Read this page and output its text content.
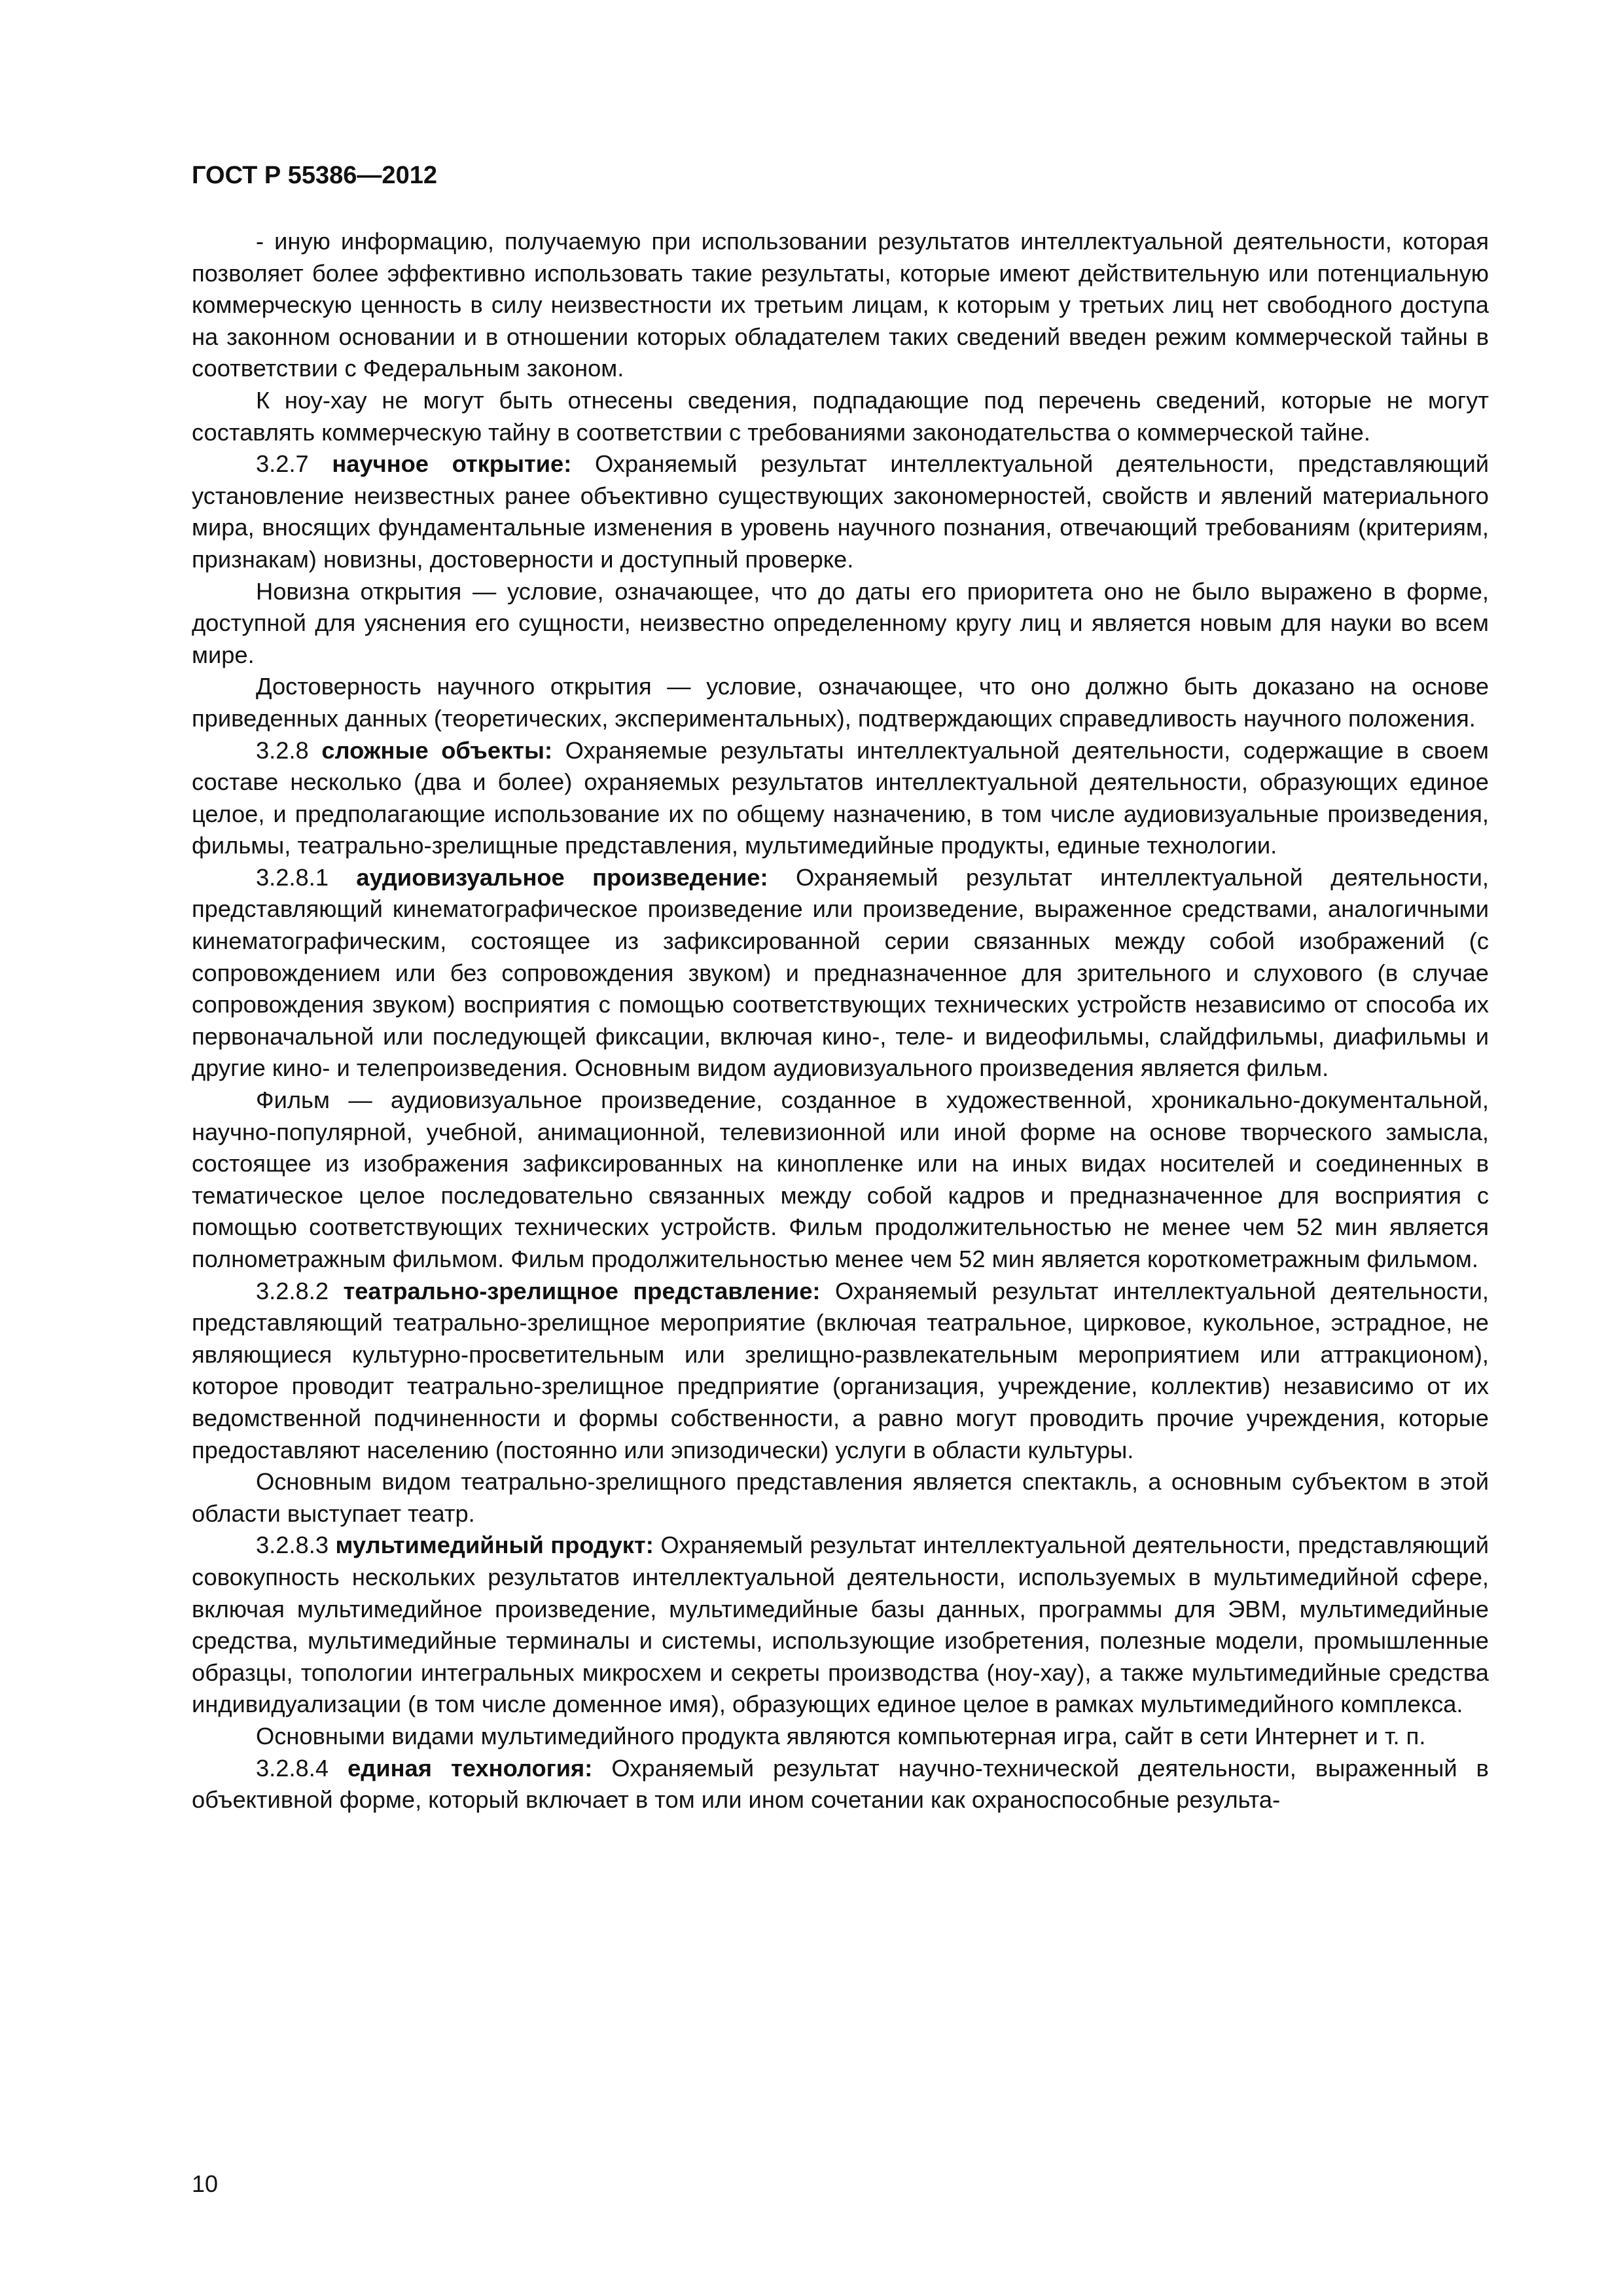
ГОСТ Р 55386—2012

- иную информацию, получаемую при использовании результатов интеллектуальной деятельности, которая позволяет более эффективно использовать такие результаты, которые имеют действительную или потенциальную коммерческую ценность в силу неизвестности их третьим лицам, к которым у третьих лиц нет свободного доступа на законном основании и в отношении которых обладателем таких сведений введен режим коммерческой тайны в соответствии с Федеральным законом.

К ноу-хау не могут быть отнесены сведения, подпадающие под перечень сведений, которые не могут составлять коммерческую тайну в соответствии с требованиями законодательства о коммерческой тайне.

3.2.7 научное открытие: Охраняемый результат интеллектуальной деятельности, представляющий установление неизвестных ранее объективно существующих закономерностей, свойств и явлений материального мира, вносящих фундаментальные изменения в уровень научного познания, отвечающий требованиям (критериям, признакам) новизны, достоверности и доступный проверке.

Новизна открытия — условие, означающее, что до даты его приоритета оно не было выражено в форме, доступной для уяснения его сущности, неизвестно определенному кругу лиц и является новым для науки во всем мире.

Достоверность научного открытия — условие, означающее, что оно должно быть доказано на основе приведенных данных (теоретических, экспериментальных), подтверждающих справедливость научного положения.

3.2.8 сложные объекты: Охраняемые результаты интеллектуальной деятельности, содержащие в своем составе несколько (два и более) охраняемых результатов интеллектуальной деятельности, образующих единое целое, и предполагающие использование их по общему назначению, в том числе аудиовизуальные произведения, фильмы, театрально-зрелищные представления, мультимедийные продукты, единые технологии.

3.2.8.1 аудиовизуальное произведение: Охраняемый результат интеллектуальной деятельности, представляющий кинематографическое произведение или произведение, выраженное средствами, аналогичными кинематографическим, состоящее из зафиксированной серии связанных между собой изображений (с сопровождением или без сопровождения звуком) и предназначенное для зрительного и слухового (в случае сопровождения звуком) восприятия с помощью соответствующих технических устройств независимо от способа их первоначальной или последующей фиксации, включая кино-, теле- и видеофильмы, слайдфильмы, диафильмы и другие кино- и телепроизведения. Основным видом аудиовизуального произведения является фильм.

Фильм — аудиовизуальное произведение, созданное в художественной, хроникально-документальной, научно-популярной, учебной, анимационной, телевизионной или иной форме на основе творческого замысла, состоящее из изображения зафиксированных на кинопленке или на иных видах носителей и соединенных в тематическое целое последовательно связанных между собой кадров и предназначенное для восприятия с помощью соответствующих технических устройств. Фильм продолжительностью не менее чем 52 мин является полнометражным фильмом. Фильм продолжительностью менее чем 52 мин является короткометражным фильмом.

3.2.8.2 театрально-зрелищное представление: Охраняемый результат интеллектуальной деятельности, представляющий театрально-зрелищное мероприятие (включая театральное, цирковое, кукольное, эстрадное, не являющиеся культурно-просветительным или зрелищно-развлекательным мероприятием или аттракционом), которое проводит театрально-зрелищное предприятие (организация, учреждение, коллектив) независимо от их ведомственной подчиненности и формы собственности, а равно могут проводить прочие учреждения, которые предоставляют населению (постоянно или эпизодически) услуги в области культуры.

Основным видом театрально-зрелищного представления является спектакль, а основным субъектом в этой области выступает театр.

3.2.8.3 мультимедийный продукт: Охраняемый результат интеллектуальной деятельности, представляющий совокупность нескольких результатов интеллектуальной деятельности, используемых в мультимедийной сфере, включая мультимедийное произведение, мультимедийные базы данных, программы для ЭВМ, мультимедийные средства, мультимедийные терминалы и системы, использующие изобретения, полезные модели, промышленные образцы, топологии интегральных микросхем и секреты производства (ноу-хау), а также мультимедийные средства индивидуализации (в том числе доменное имя), образующих единое целое в рамках мультимедийного комплекса.

Основными видами мультимедийного продукта являются компьютерная игра, сайт в сети Интернет и т. п.

3.2.8.4 единая технология: Охраняемый результат научно-технической деятельности, выраженный в объективной форме, который включает в том или ином сочетании как охраноспособные результа-

10
